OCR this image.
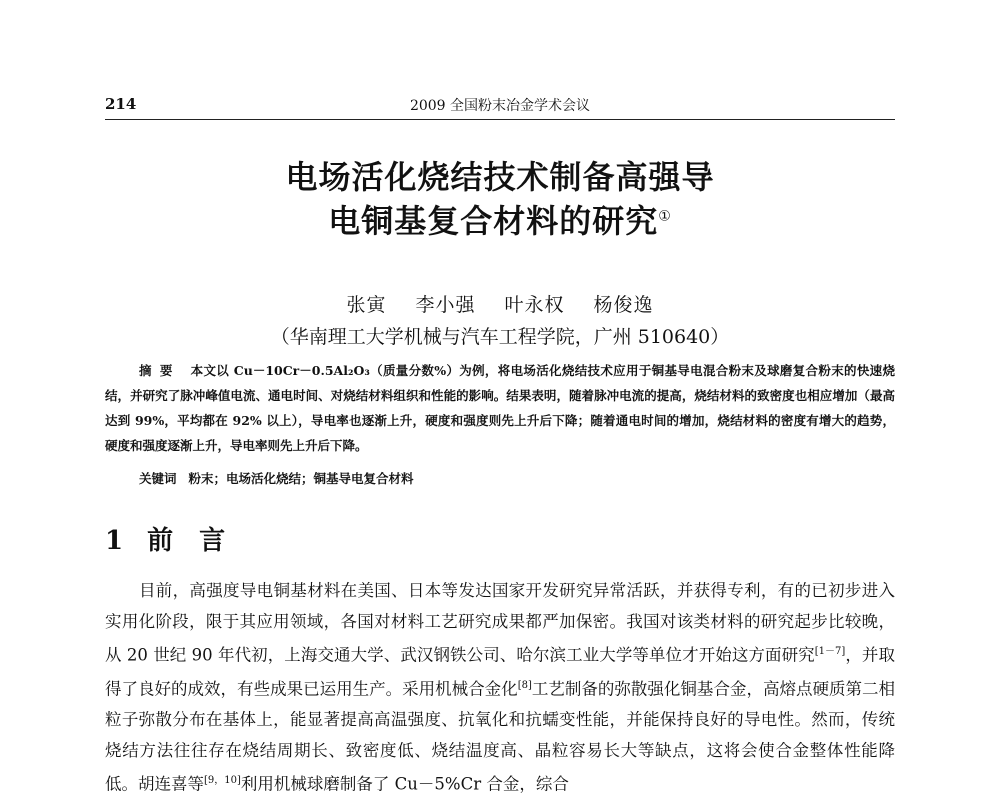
214	2009 全国粉末冶金学术会议
电场活化烧结技术制备高强导
电铜基复合材料的研究①
张寅 李小强 叶永权 杨俊逸
（华南理工大学机械与汽车工程学院，广州 510640）
摘要 本文以 Cu－10Cr－0.5Al₂O₃（质量分数%）为例，将电场活化烧结技术应用于铜基导电混合粉末及球磨复合粉末的快速烧结，并研究了脉冲峰值电流、通电时间、对烧结材料组织和性能的影响。结果表明，随着脉冲电流的提高，烧结材料的致密度也相应增加（最高达到 99%，平均都在 92% 以上），导电率也逐渐上升，硬度和强度则先上升后下降；随着通电时间的增加，烧结材料的密度有增大的趋势，硬度和强度逐渐上升，导电率则先上升后下降。
关键词 粉末；电场活化烧结；铜基导电复合材料
1 前言
目前，高强度导电铜基材料在美国、日本等发达国家开发研究异常活跃，并获得专利，有的已初步进入实用化阶段，限于其应用领域，各国对材料工艺研究成果都严加保密。我国对该类材料的研究起步比较晚，从 20 世纪 90 年代初，上海交通大学、武汉钢铁公司、哈尔滨工业大学等单位才开始这方面研究[1－7]，并取得了良好的成效，有些成果已运用生产。采用机械合金化[8]工艺制备的弥散强化铜基合金，高熔点硬质第二相粒子弥散分布在基体上，能显著提高高温强度、抗氧化和抗蠕变性能，并能保持良好的导电性。然而，传统烧结方法往往存在烧结周期长、致密度低、烧结温度高、晶粒容易长大等缺点，这将会使合金整体性能降低。胡连喜等[9，10]利用机械球磨制备了 Cu－5%Cr 合金，综合
